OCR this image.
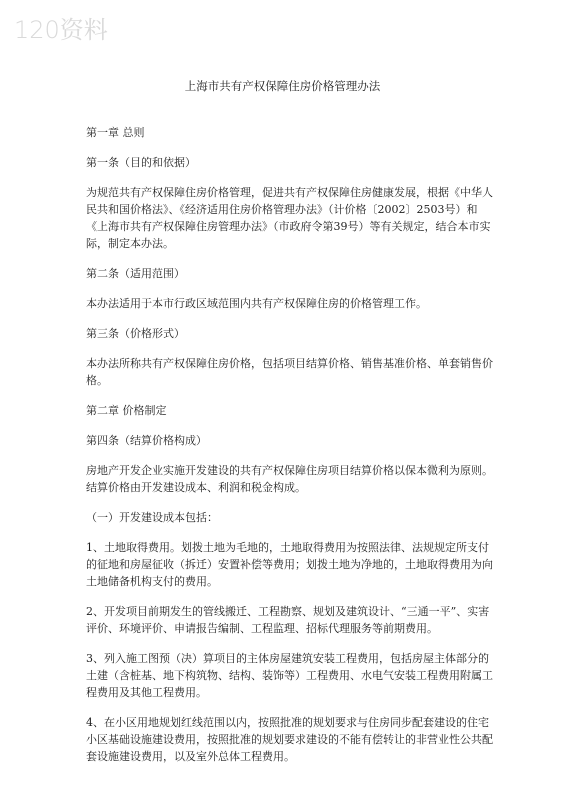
120资料
上海市共有产权保障住房价格管理办法

第一章 总则

第一条（目的和依据）

为规范共有产权保障住房价格管理，促进共有产权保障住房健康发展，根据《中华人民共和国价格法》、《经济适用住房价格管理办法》（计价格〔2002〕2503号）和《上海市共有产权保障住房管理办法》（市政府令第39号）等有关规定，结合本市实际，制定本办法。

第二条（适用范围）

本办法适用于本市行政区域范围内共有产权保障住房的价格管理工作。

第三条（价格形式）

本办法所称共有产权保障住房价格，包括项目结算价格、销售基准价格、单套销售价格。

第二章 价格制定

第四条（结算价格构成）

房地产开发企业实施开发建设的共有产权保障住房项目结算价格以保本微利为原则。结算价格由开发建设成本、利润和税金构成。

（一）开发建设成本包括：

1、土地取得费用。划拨土地为毛地的，土地取得费用为按照法律、法规规定所支付的征地和房屋征收（拆迁）安置补偿等费用；划拨土地为净地的，土地取得费用为向土地储备机构支付的费用。

2、开发项目前期发生的管线搬迁、工程勘察、规划及建筑设计、“三通一平”、实害评价、环境评价、申请报告编制、工程监理、招标代理服务等前期费用。

3、列入施工图预（决）算项目的主体房屋建筑安装工程费用，包括房屋主体部分的土建（含桩基、地下构筑物、结构、装饰等）工程费用、水电气安装工程费用附属工程费用及其他工程费用。

4、在小区用地规划红线范围以内，按照批准的规划要求与住房同步配套建设的住宅小区基础设施建设费用，按照批准的规划要求建设的不能有偿转让的非营业性公共配套设施建设费用，以及室外总体工程费用。
